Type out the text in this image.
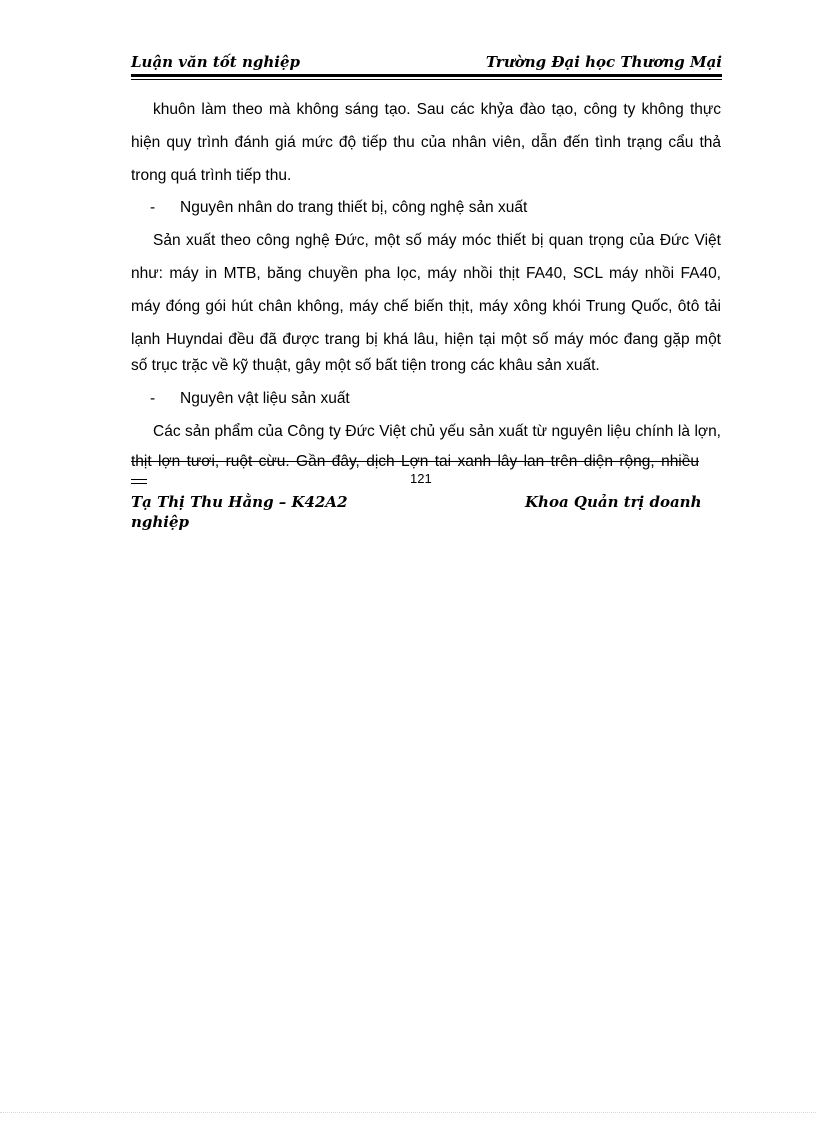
Luận văn tốt nghiệp	Trường Đại học Thương Mại
khuôn làm theo mà không sáng tạo. Sau các khỷa đào tạo, công ty không thực
hiện quy trình đánh giá mức độ tiếp thu của nhân viên, dẫn đến tình trạng cẩu thả
trong quá trình tiếp thu.
- Nguyên nhân do trang thiết bị, công nghệ sản xuất
Sản xuất theo công nghệ Đức, một số máy móc thiết bị quan trọng của Đức Việt
như: máy in MTB, băng chuyền pha lọc, máy nhồi thịt FA40, SCL máy nhồi FA40,
máy đóng gói hút chân không, máy chế biến thịt, máy xông khói Trung Quốc, ôtô tải
lạnh Huyndai đều đã được trang bị khá lâu, hiện tại một số máy móc đang gặp một
số trục trặc về kỹ thuật, gây một số bất tiện trong các khâu sản xuất.
- Nguyên vật liệu sản xuất
Các sản phẩm của Công ty Đức Việt chủ yếu sản xuất từ nguyên liệu chính là lợn,
thịt lợn tươi, ruột cừu. Gần đây, dịch Lợn tai xanh lây lan trên diện rộng, nhiều
121
Tạ Thị Thu Hằng – K42A2	Khoa Quản trị doanh
nghiệp
